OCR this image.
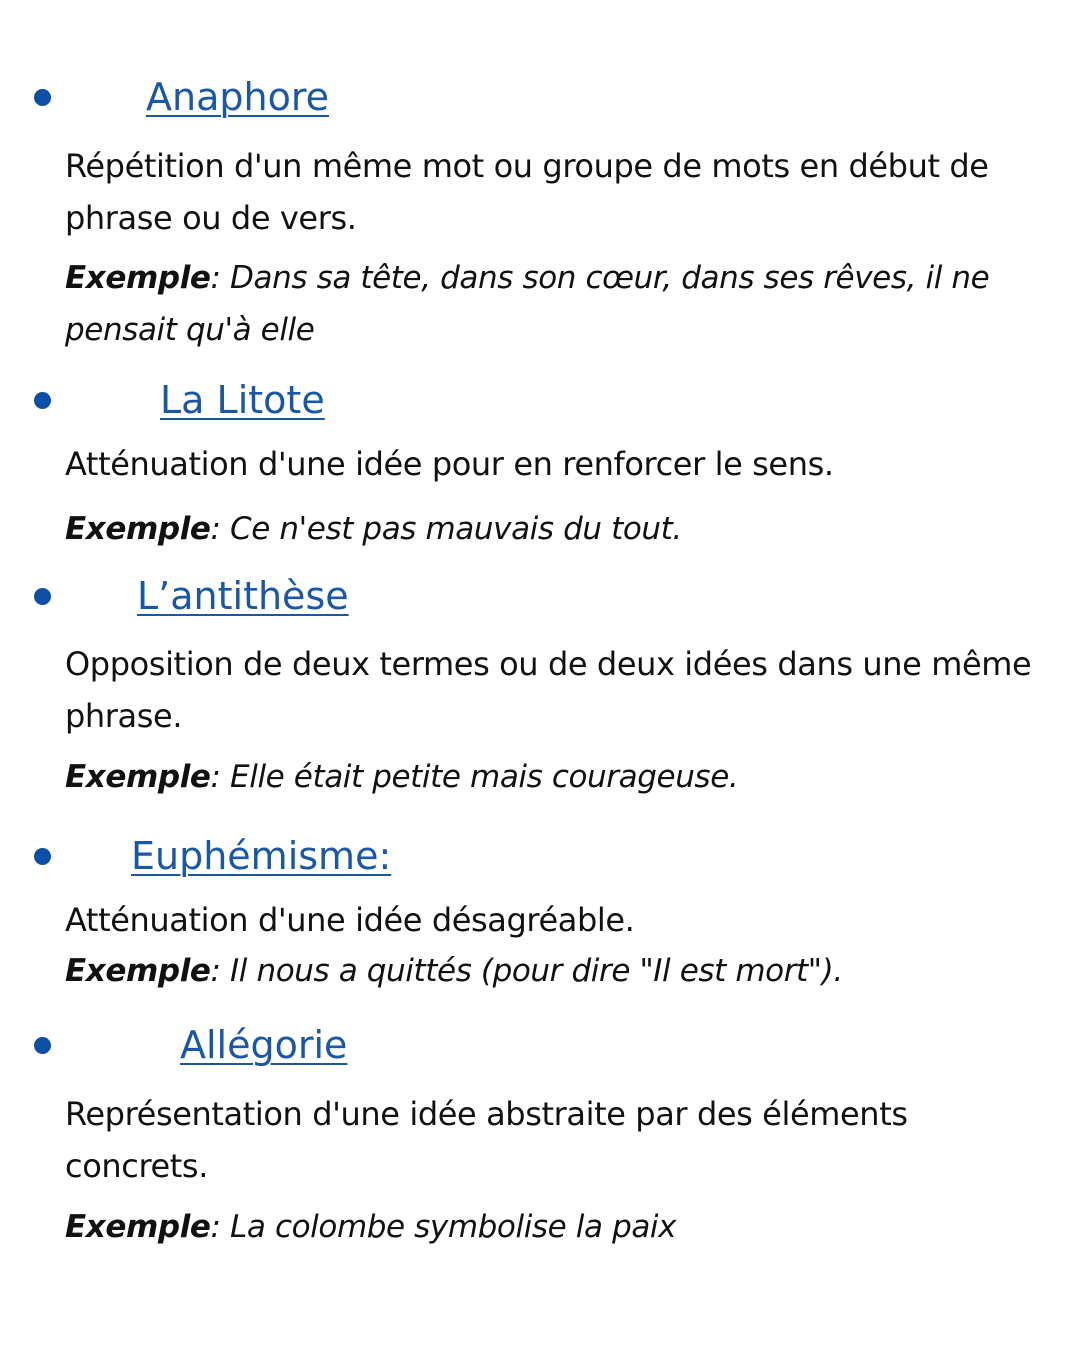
Anaphore
Répétition d'un même mot ou groupe de mots en début de phrase ou de vers.
Exemple: Dans sa tête, dans son cœur, dans ses rêves, il ne pensait qu'à elle
La Litote
Atténuation d'une idée pour en renforcer le sens.
Exemple: Ce n'est pas mauvais du tout.
L’antithèse
Opposition de deux termes ou de deux idées dans une même phrase.
Exemple: Elle était petite mais courageuse.
Euphémisme:
Atténuation d'une idée désagréable.
Exemple: Il nous a quittés (pour dire "Il est mort").
Allégorie
Représentation d'une idée abstraite par des éléments concrets.
Exemple: La colombe symbolise la paix
